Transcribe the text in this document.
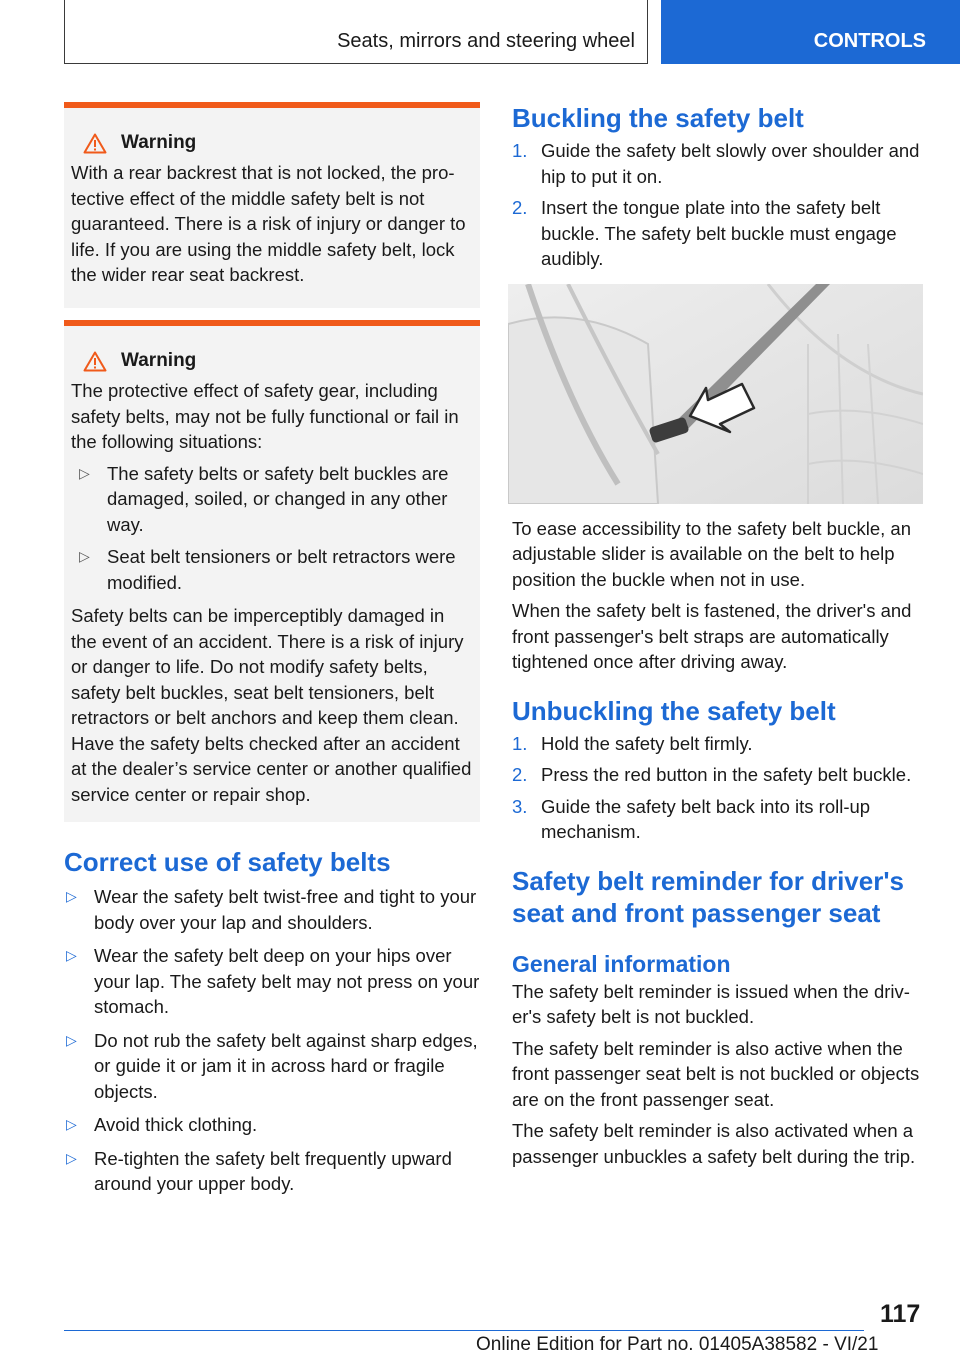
Seats, mirrors and steering wheel	CONTROLS
Warning

With a rear backrest that is not locked, the protective effect of the middle safety belt is not guaranteed. There is a risk of injury or danger to life. If you are using the middle safety belt, lock the wider rear seat backrest.

Warning

The protective effect of safety gear, including safety belts, may not be fully functional or fail in the following situations:

▷ The safety belts or safety belt buckles are damaged, soiled, or changed in any other way.
▷ Seat belt tensioners or belt retractors were modified.

Safety belts can be imperceptibly damaged in the event of an accident. There is a risk of injury or danger to life. Do not modify safety belts, safety belt buckles, seat belt tensioners, belt retractors or belt anchors and keep them clean. Have the safety belts checked after an accident at the dealer’s service center or another qualified service center or repair shop.

Correct use of safety belts
▷ Wear the safety belt twist-free and tight to your body over your lap and shoulders.
▷ Wear the safety belt deep on your hips over your lap. The safety belt may not press on your stomach.
▷ Do not rub the safety belt against sharp edges, or guide it or jam it in across hard or fragile objects.
▷ Avoid thick clothing.
▷ Re-tighten the safety belt frequently upward around your upper body.
Buckling the safety belt
1. Guide the safety belt slowly over shoulder and hip to put it on.
2. Insert the tongue plate into the safety belt buckle. The safety belt buckle must engage audibly.

To ease accessibility to the safety belt buckle, an adjustable slider is available on the belt to help position the buckle when not in use.

When the safety belt is fastened, the driver's and front passenger's belt straps are automatically tightened once after driving away.

Unbuckling the safety belt
1. Hold the safety belt firmly.
2. Press the red button in the safety belt buckle.
3. Guide the safety belt back into its roll-up mechanism.
Safety belt reminder for driver's seat and front passenger seat
General information

The safety belt reminder is issued when the driver's safety belt is not buckled.

The safety belt reminder is also active when the front passenger seat belt is not buckled or objects are on the front passenger seat.

The safety belt reminder is also activated when a passenger unbuckles a safety belt during the trip.

117
Online Edition for Part no. 01405A38582 - VI/21
